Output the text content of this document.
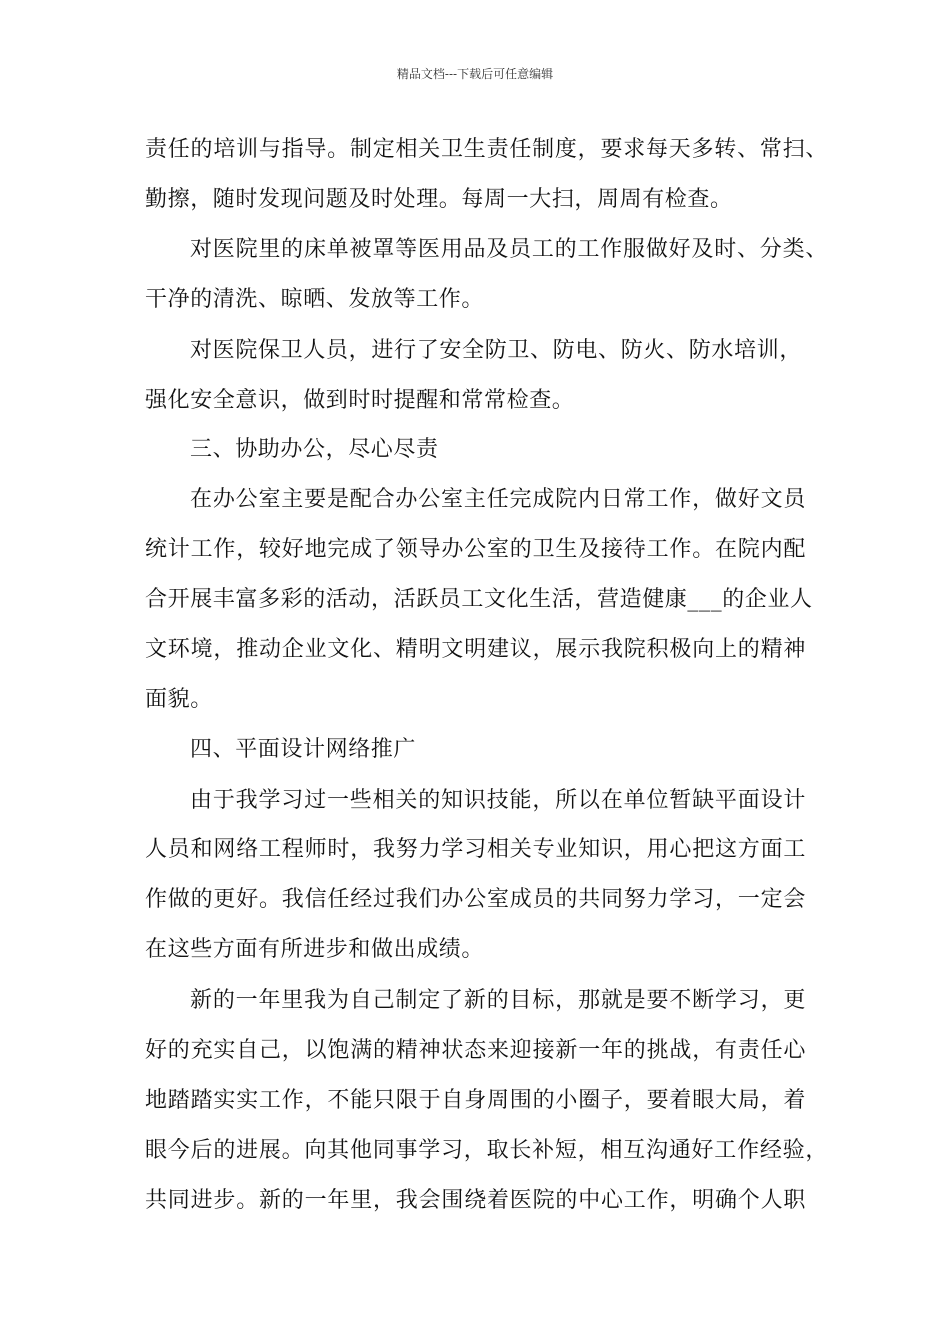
精品文档---下载后可任意编辑
责任的培训与指导。制定相关卫生责任制度，要求每天多转、常扫、
勤擦，随时发现问题及时处理。每周一大扫，周周有检查。
对医院里的床单被罩等医用品及员工的工作服做好及时、分类、
干净的清洗、晾晒、发放等工作。
对医院保卫人员，进行了安全防卫、防电、防火、防水培训，
强化安全意识，做到时时提醒和常常检查。
三、协助办公，尽心尽责
在办公室主要是配合办公室主任完成院内日常工作，做好文员
统计工作，较好地完成了领导办公室的卫生及接待工作。在院内配
合开展丰富多彩的活动，活跃员工文化生活，营造健康___的企业人
文环境，推动企业文化、精明文明建议，展示我院积极向上的精神
面貌。
四、平面设计网络推广
由于我学习过一些相关的知识技能，所以在单位暂缺平面设计
人员和网络工程师时，我努力学习相关专业知识，用心把这方面工
作做的更好。我信任经过我们办公室成员的共同努力学习，一定会
在这些方面有所进步和做出成绩。
新的一年里我为自己制定了新的目标，那就是要不断学习，更
好的充实自己，以饱满的精神状态来迎接新一年的挑战，有责任心
地踏踏实实工作，不能只限于自身周围的小圈子，要着眼大局，着
眼今后的进展。向其他同事学习，取长补短，相互沟通好工作经验，
共同进步。新的一年里，我会围绕着医院的中心工作，明确个人职
